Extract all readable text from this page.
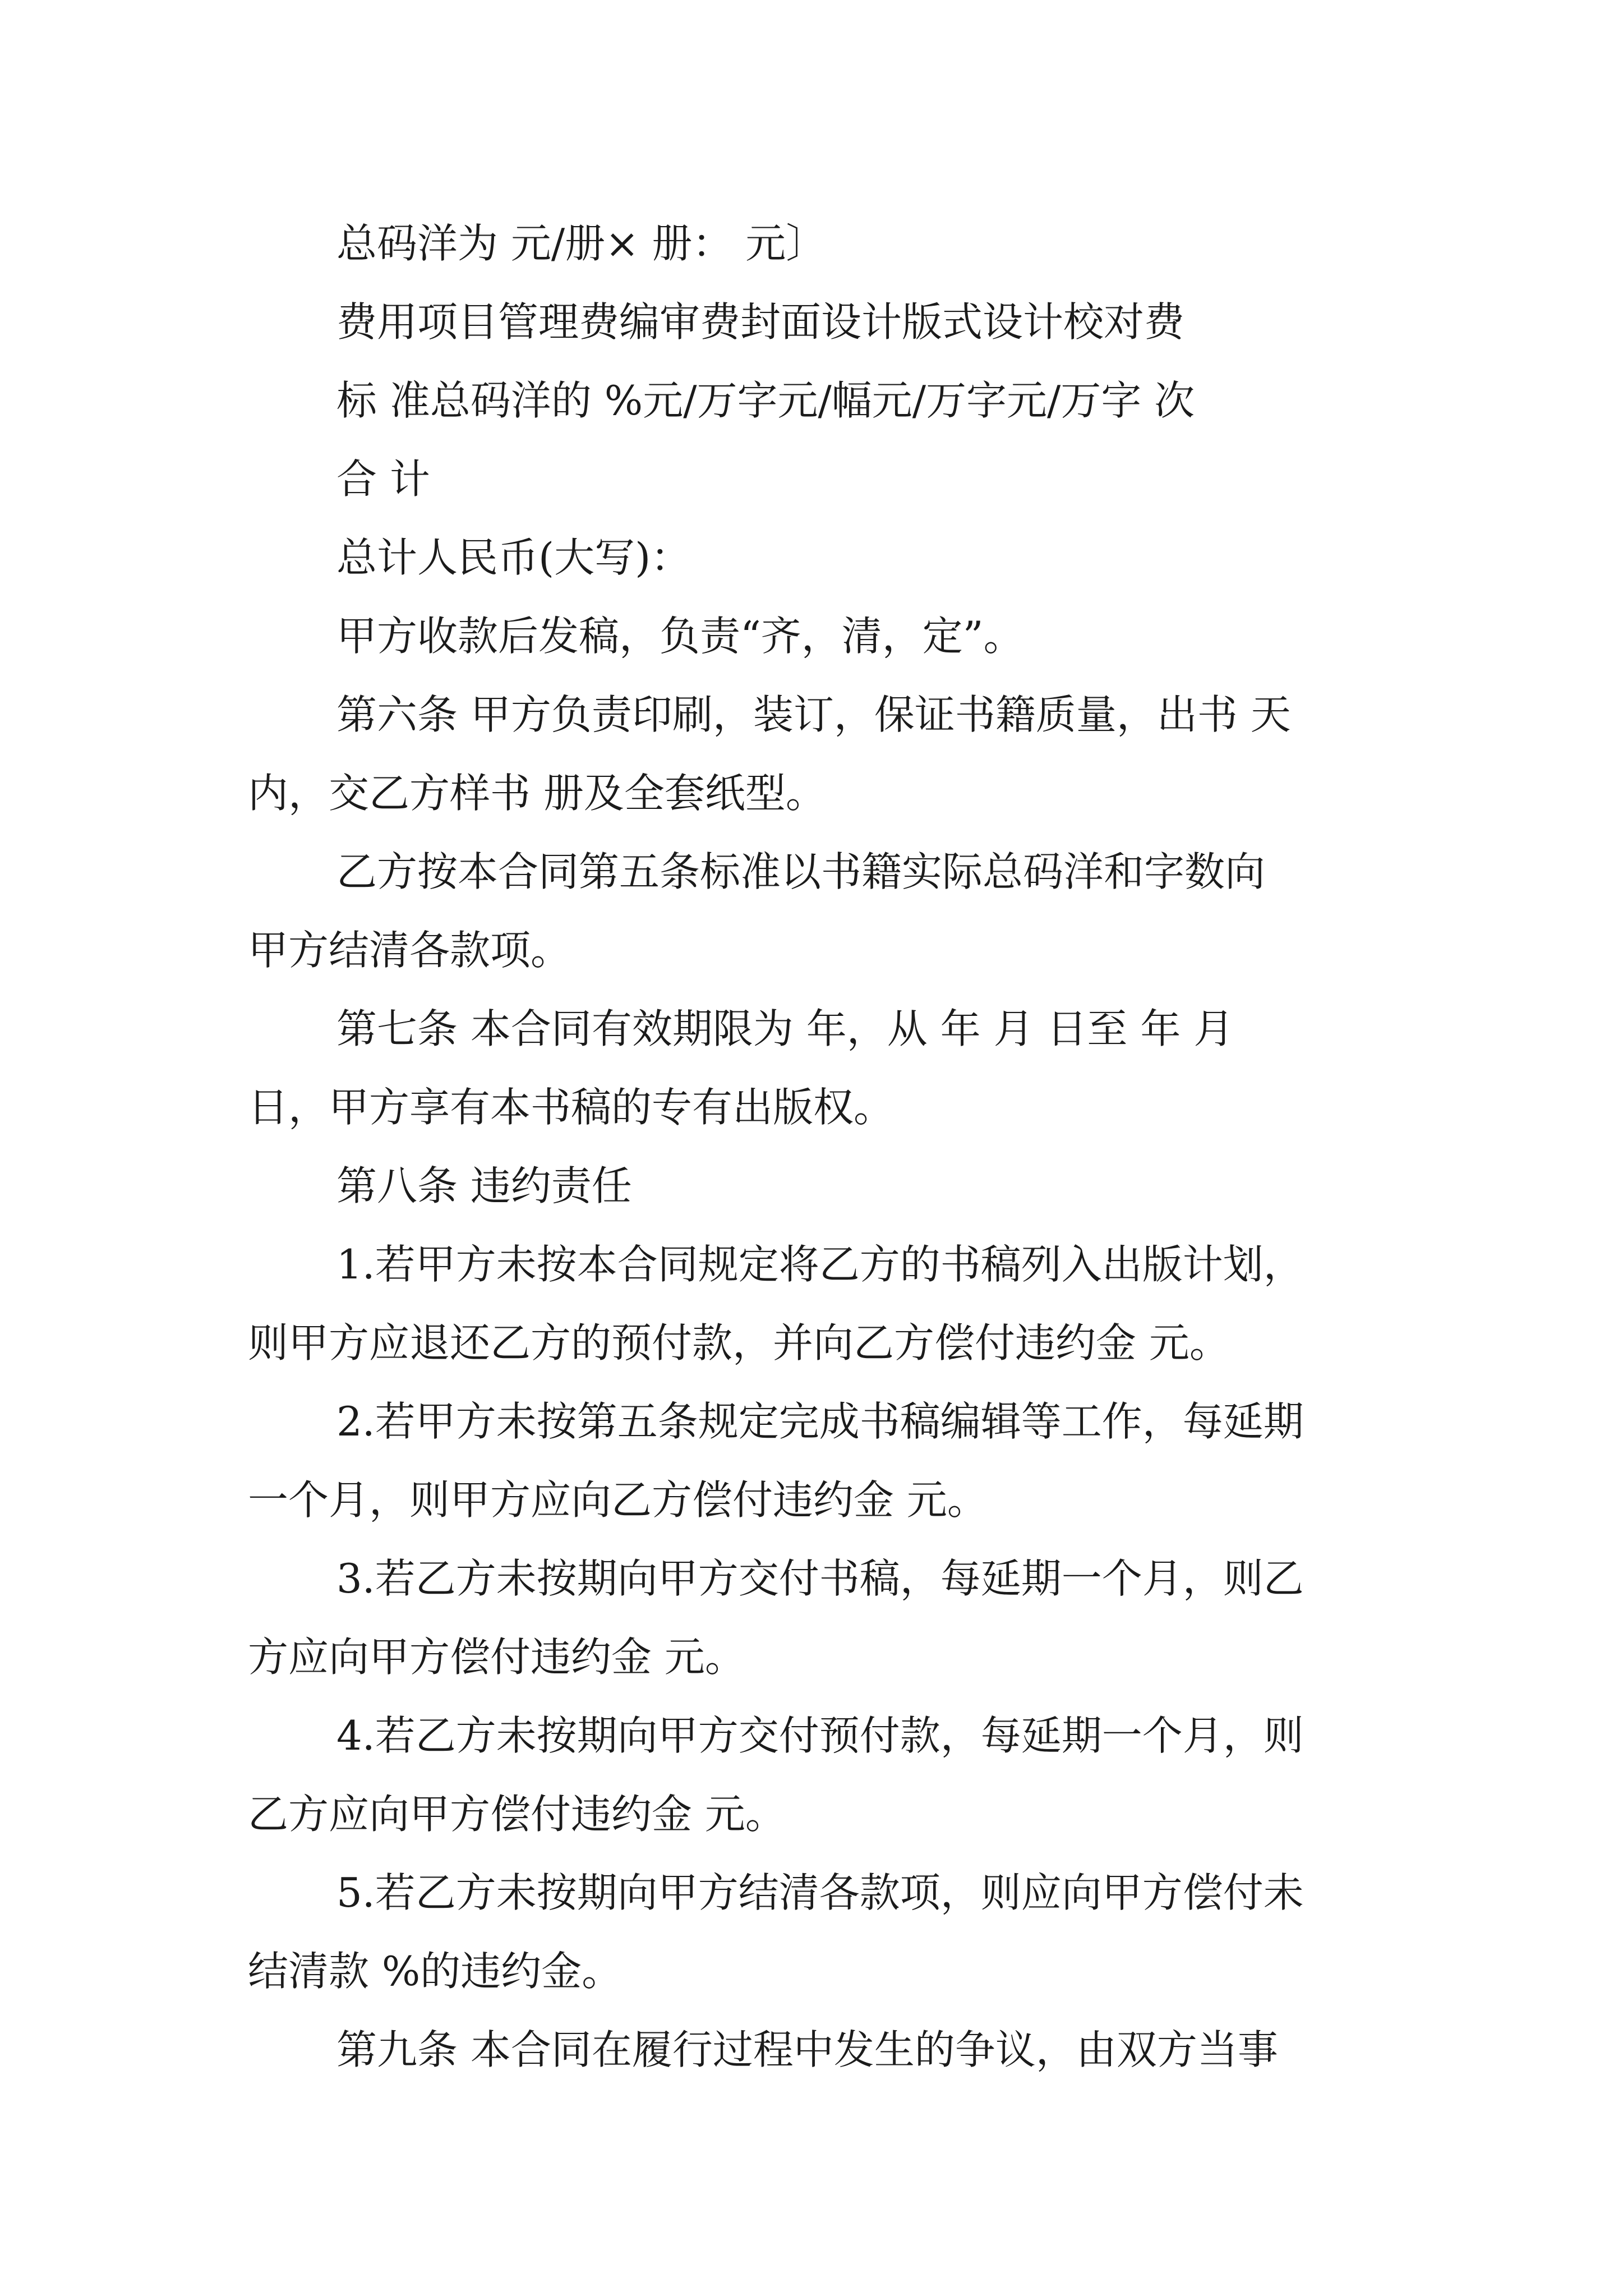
总码洋为 元/册× 册： 元〕

费用项目管理费编审费封面设计版式设计校对费

标 准总码洋的 %元/万字元/幅元/万字元/万字 次

合 计

总计人民币(大写)：

甲方收款后发稿，负责“齐，清，定”。

第六条 甲方负责印刷，装订，保证书籍质量，出书 天

内，交乙方样书 册及全套纸型。

乙方按本合同第五条标准以书籍实际总码洋和字数向

甲方结清各款项。

第七条 本合同有效期限为 年，从 年 月 日至 年 月

日，甲方享有本书稿的专有出版权。

第八条 违约责任

1.若甲方未按本合同规定将乙方的书稿列入出版计划，

则甲方应退还乙方的预付款，并向乙方偿付违约金 元。

2.若甲方未按第五条规定完成书稿编辑等工作，每延期

一个月，则甲方应向乙方偿付违约金 元。

3.若乙方未按期向甲方交付书稿，每延期一个月，则乙

方应向甲方偿付违约金 元。

4.若乙方未按期向甲方交付预付款，每延期一个月，则

乙方应向甲方偿付违约金 元。

5.若乙方未按期向甲方结清各款项，则应向甲方偿付未

结清款 %的违约金。

第九条 本合同在履行过程中发生的争议，由双方当事
